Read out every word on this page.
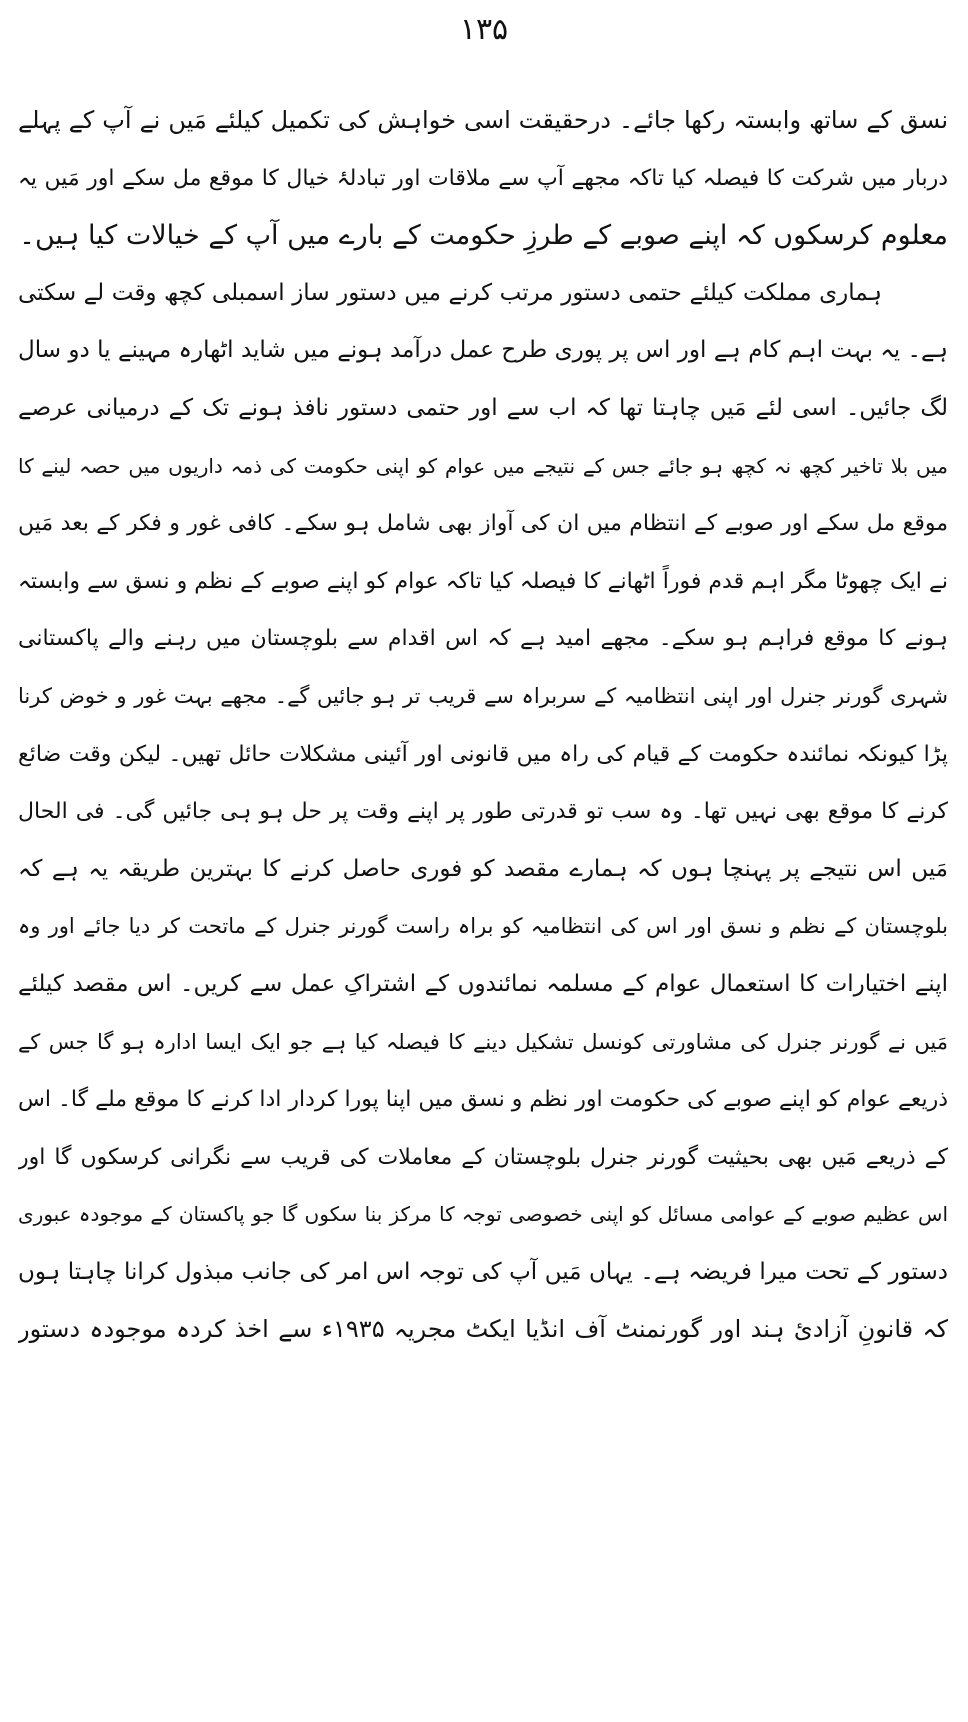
۱۳۵
نسق کے ساتھ وابستہ رکھا جائے۔ درحقیقت اسی خواہش کی تکمیل کیلئے مَیں نے آپ کے پہلے
دربار میں شرکت کا فیصلہ کیا تاکہ مجھے آپ سے ملاقات اور تبادلۂ خیال کا موقع مل سکے اور مَیں یہ
معلوم کرسکوں کہ اپنے صوبے کے طرزِ حکومت کے بارے میں آپ کے خیالات کیا ہیں۔
ہماری مملکت کیلئے حتمی دستور مرتب کرنے میں دستور ساز اسمبلی کچھ وقت لے سکتی
ہے۔ یہ بہت اہم کام ہے اور اس پر پوری طرح عمل درآمد ہونے میں شاید اٹھارہ مہینے یا دو سال
لگ جائیں۔ اسی لئے مَیں چاہتا تھا کہ اب سے اور حتمی دستور نافذ ہونے تک کے درمیانی عرصے
میں بلا تاخیر کچھ نہ کچھ ہو جائے جس کے نتیجے میں عوام کو اپنی حکومت کی ذمہ داریوں میں حصہ لینے کا
موقع مل سکے اور صوبے کے انتظام میں ان کی آواز بھی شامل ہو سکے۔ کافی غور و فکر کے بعد مَیں
نے ایک چھوٹا مگر اہم قدم فوراً اٹھانے کا فیصلہ کیا تاکہ عوام کو اپنے صوبے کے نظم و نسق سے وابستہ
ہونے کا موقع فراہم ہو سکے۔ مجھے امید ہے کہ اس اقدام سے بلوچستان میں رہنے والے پاکستانی
شہری گورنر جنرل اور اپنی انتظامیہ کے سربراہ سے قریب تر ہو جائیں گے۔ مجھے بہت غور و خوض کرنا
پڑا کیونکہ نمائندہ حکومت کے قیام کی راہ میں قانونی اور آئینی مشکلات حائل تھیں۔ لیکن وقت ضائع
کرنے کا موقع بھی نہیں تھا۔ وہ سب تو قدرتی طور پر اپنے وقت پر حل ہو ہی جائیں گی۔ فی الحال
مَیں اس نتیجے پر پہنچا ہوں کہ ہمارے مقصد کو فوری حاصل کرنے کا بہترین طریقہ یہ ہے کہ
بلوچستان کے نظم و نسق اور اس کی انتظامیہ کو براہ راست گورنر جنرل کے ماتحت کر دیا جائے اور وہ
اپنے اختیارات کا استعمال عوام کے مسلمہ نمائندوں کے اشتراکِ عمل سے کریں۔ اس مقصد کیلئے
مَیں نے گورنر جنرل کی مشاورتی کونسل تشکیل دینے کا فیصلہ کیا ہے جو ایک ایسا ادارہ ہو گا جس کے
ذریعے عوام کو اپنے صوبے کی حکومت اور نظم و نسق میں اپنا پورا کردار ادا کرنے کا موقع ملے گا۔ اس
کے ذریعے مَیں بھی بحیثیت گورنر جنرل بلوچستان کے معاملات کی قریب سے نگرانی کرسکوں گا اور
اس عظیم صوبے کے عوامی مسائل کو اپنی خصوصی توجہ کا مرکز بنا سکوں گا جو پاکستان کے موجودہ عبوری
دستور کے تحت میرا فریضہ ہے۔ یہاں مَیں آپ کی توجہ اس امر کی جانب مبذول کرانا چاہتا ہوں
کہ قانونِ آزادیٔ ہند اور گورنمنٹ آف انڈیا ایکٹ مجریہ ۱۹۳۵ء سے اخذ کردہ موجودہ دستور
